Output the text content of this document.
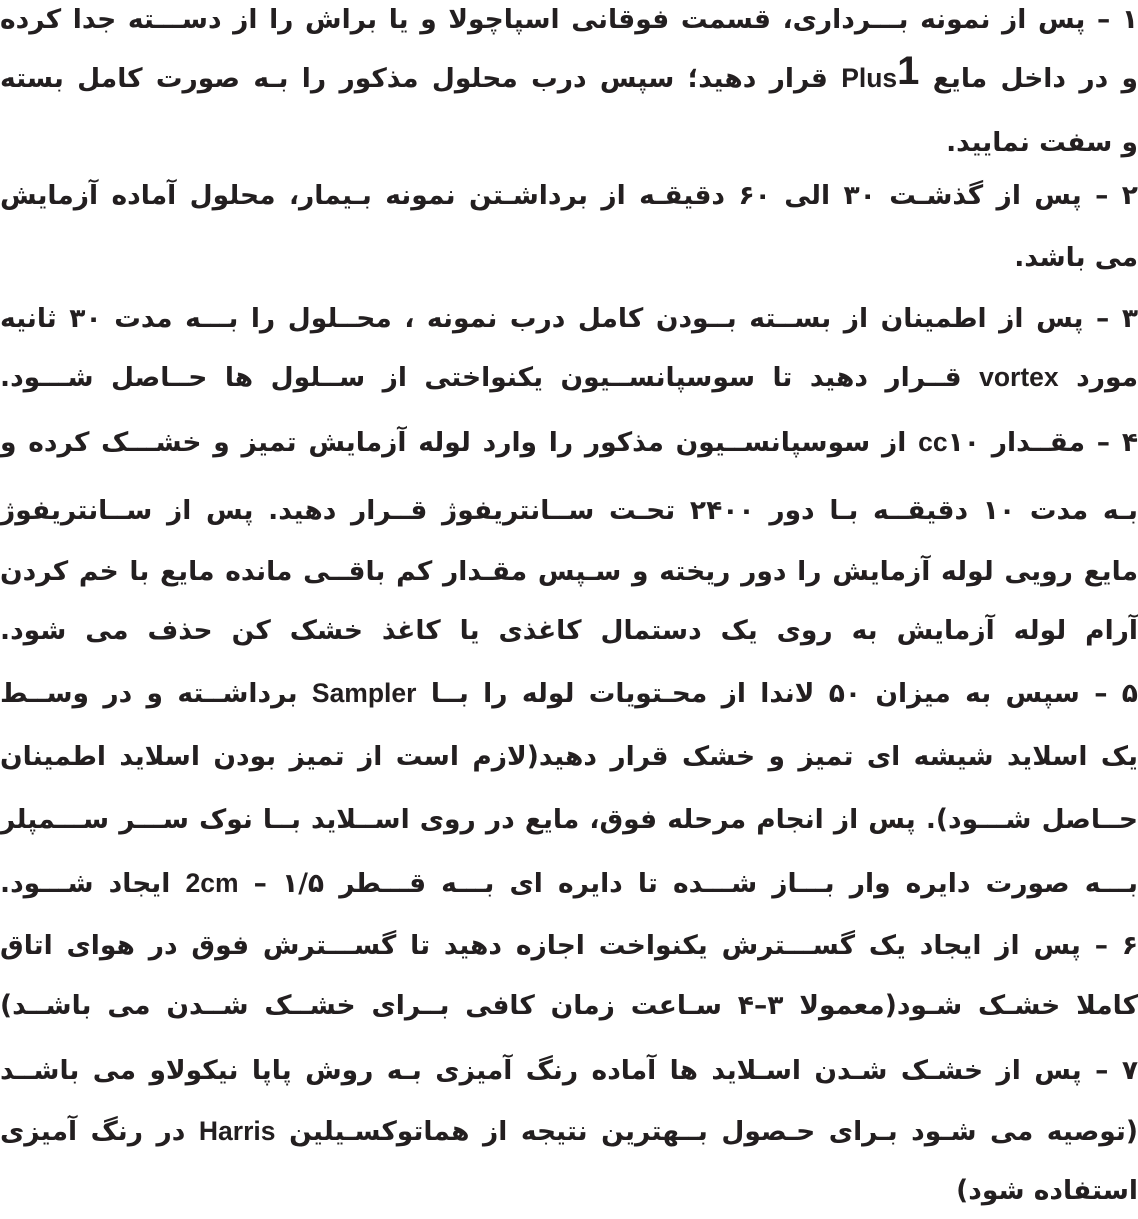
۱ – پس از نمونه بـــرداری، قسمت فوقانی اسپاچولا و یا براش را از دســـته جدا کرده
و در داخل مایع Plus1 قرار دهید؛ سپس درب محلول مذکور را بـه صورت کامل بسته
و سفت نمایید.
۲ – پس از گذشـت ۳۰ الی ۶۰ دقیقـه از برداشـتن نمونه بـیمار، محلول آماده آزمایش
می باشد.
۳ – پس از اطمینان از بســته بــودن کامل درب نمونه ، محــلول را بـــه مدت ۳۰ ثانیه
مورد vortex قــرار دهید تا سوسپانســیون یکنواختی از ســلول ها حــاصل شـــود.
۴ – مقــدار ۱۰cc از سوسپانســیون مذکور را وارد لوله آزمایش تمیز و خشـــک کرده و
بـه مدت ۱۰ دقیقــه بـا دور ۲۴۰۰ تحـت ســانتریفوژ قــرار دهید. پس از ســانتریفوژ
مایع رویی لوله آزمایش را دور ریخته و سـپس مقـدار کم باقــی مانده مایع با خم کردن
آرام لوله آزمایش به روی یک دستمال کاغذی یا کاغذ خشک کن حذف می شود.
۵ – سپس به میزان ۵۰ لاندا از محـتویات لوله را بــا Sampler برداشــته و در وســط
یک اسلاید شیشه ای تمیز و خشک قرار دهید(لازم است از تمیز بودن اسلاید اطمینان
حــاصل شـــود). پس از انجام مرحله فوق، مایع در روی اســلاید بــا نوک ســـر ســـمپلر
بـــه صورت دایره وار بـــاز شـــده تا دایره ای بـــه قـــطر ۱/۵ – 2cm ایجاد شـــود.
۶ – پس از ایجاد یک گســـترش یکنواخت اجازه دهید تا گســـترش فوق در هوای اتاق
کاملا خشـک شـود(معمولا ۳–۴ سـاعت زمان کافی بــرای خشــک شــدن می باشــد)
۷ – پس از خشـک شـدن اسـلاید ها آماده رنگ آمیزی بـه روش پاپا نیکولاو می باشــد
(توصیه می شـود بـرای حـصول بــهترین نتیجه از هماتوکسـیلین Harris در رنگ آمیزی
استفاده شود)
